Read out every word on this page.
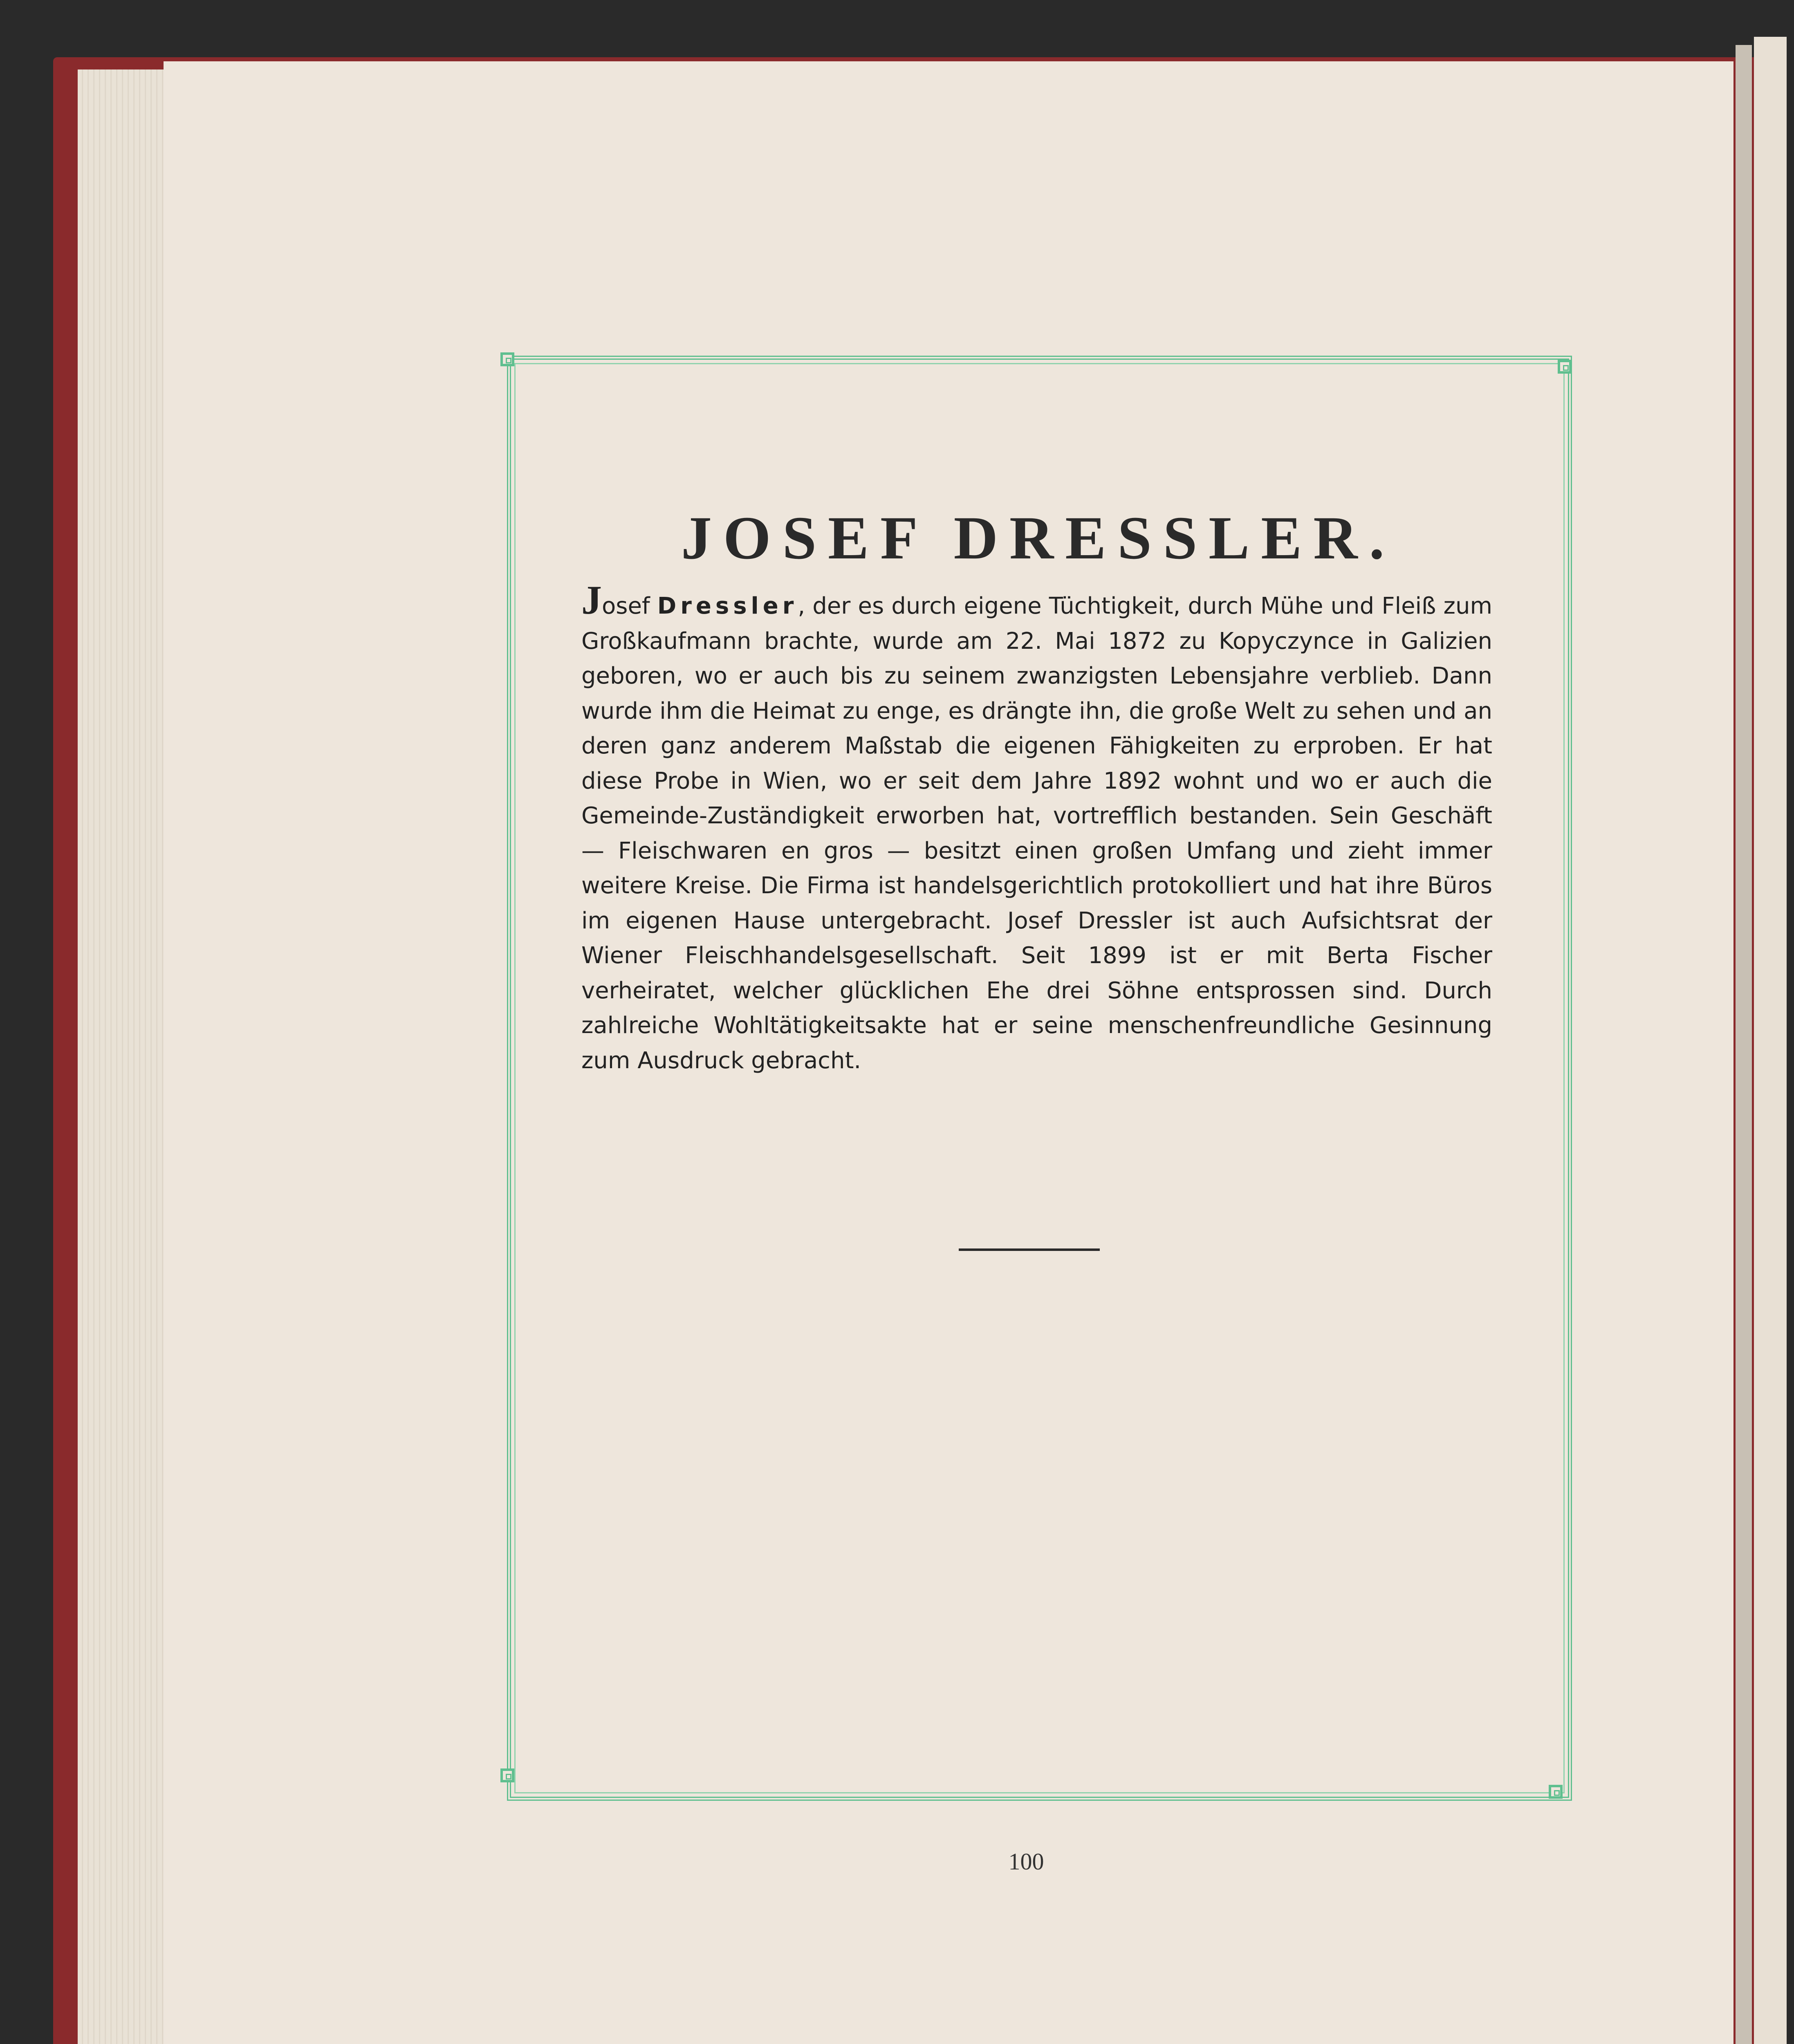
JOSEF DRESSLER.
Josef Dressler, der es durch eigene Tüchtigkeit, durch Mühe und Fleiß zum Großkaufmann brachte, wurde am 22. Mai 1872 zu Kopyczynce in Galizien geboren, wo er auch bis zu seinem zwanzigsten Lebensjahre verblieb. Dann wurde ihm die Heimat zu enge, es drängte ihn, die große Welt zu sehen und an deren ganz anderem Maßstab die eigenen Fähigkeiten zu erproben. Er hat diese Probe in Wien, wo er seit dem Jahre 1892 wohnt und wo er auch die Gemeinde-Zuständigkeit erworben hat, vortrefflich bestanden. Sein Geschäft — Fleischwaren en gros — besitzt einen großen Umfang und zieht immer weitere Kreise. Die Firma ist handelsgerichtlich protokolliert und hat ihre Büros im eigenen Hause untergebracht. Josef Dressler ist auch Aufsichtsrat der Wiener Fleischhandelsgesellschaft. Seit 1899 ist er mit Berta Fischer verheiratet, welcher glücklichen Ehe drei Söhne entsprossen sind. Durch zahlreiche Wohltätigkeitsakte hat er seine menschenfreundliche Gesinnung zum Ausdruck gebracht.
100
